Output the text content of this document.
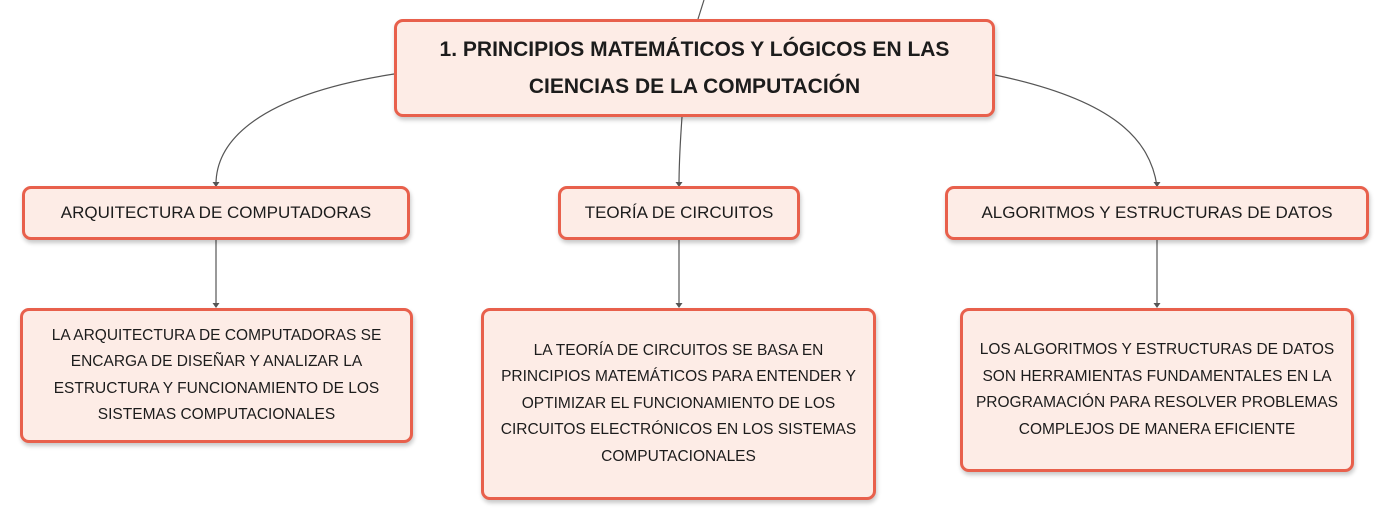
1. PRINCIPIOS MATEMÁTICOS Y LÓGICOS EN LAS CIENCIAS DE LA COMPUTACIÓN
ARQUITECTURA DE COMPUTADORAS	TEORÍA DE CIRCUITOS	ALGORITMOS Y ESTRUCTURAS DE DATOS
LA ARQUITECTURA DE COMPUTADORAS SE ENCARGA DE DISEÑAR Y ANALIZAR LA ESTRUCTURA Y FUNCIONAMIENTO DE LOS SISTEMAS COMPUTACIONALES
LA TEORÍA DE CIRCUITOS SE BASA EN PRINCIPIOS MATEMÁTICOS PARA ENTENDER Y OPTIMIZAR EL FUNCIONAMIENTO DE LOS CIRCUITOS ELECTRÓNICOS EN LOS SISTEMAS COMPUTACIONALES
LOS ALGORITMOS Y ESTRUCTURAS DE DATOS SON HERRAMIENTAS FUNDAMENTALES EN LA PROGRAMACIÓN PARA RESOLVER PROBLEMAS COMPLEJOS DE MANERA EFICIENTE
